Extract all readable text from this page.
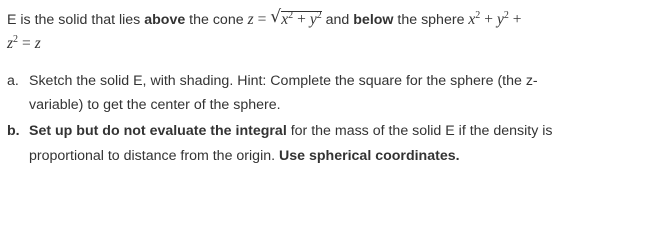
E is the solid that lies above the cone z = √ $x^2 + y^2$ and below the sphere $x^2 + y^2$ +
$z^2 = z$
a. Sketch the solid E, with shading. Hint: Complete the square for the sphere (the z-
variable) to get the center of the sphere.
b. Set up but do not evaluate the integral for the mass of the solid E if the density is
proportional to distance from the origin. Use spherical coordinates.
